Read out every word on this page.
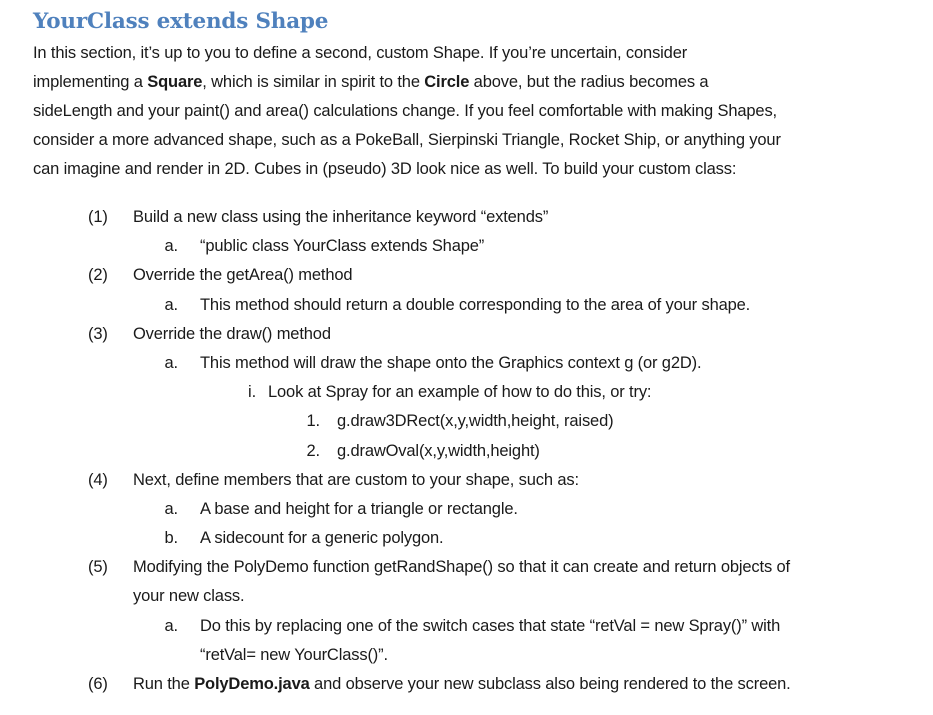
YourClass extends Shape

In this section, it’s up to you to define a second, custom Shape. If you’re uncertain, consider
implementing a Square, which is similar in spirit to the Circle above, but the radius becomes a
sideLength and your paint() and area() calculations change. If you feel comfortable with making Shapes,
consider a more advanced shape, such as a PokeBall, Sierpinski Triangle, Rocket Ship, or anything your
can imagine and render in 2D. Cubes in (pseudo) 3D look nice as well. To build your custom class:

(1)	Build a new class using the inheritance keyword “extends”
a. “public class YourClass extends Shape”
(2)	Override the getArea() method
a. This method should return a double corresponding to the area of your shape.
(3)	Override the draw() method
a. This method will draw the shape onto the Graphics context g (or g2D).
i. Look at Spray for an example of how to do this, or try:
1. g.draw3DRect(x,y,width,height, raised)
2. g.drawOval(x,y,width,height)
(4)	Next, define members that are custom to your shape, such as:
a. A base and height for a triangle or rectangle.
b. A sidecount for a generic polygon.
(5)	Modifying the PolyDemo function getRandShape() so that it can create and return objects of
your new class.
a. Do this by replacing one of the switch cases that state “retVal = new Spray()” with
“retVal= new YourClass()”.
(6)	Run the PolyDemo.java and observe your new subclass also being rendered to the screen.
